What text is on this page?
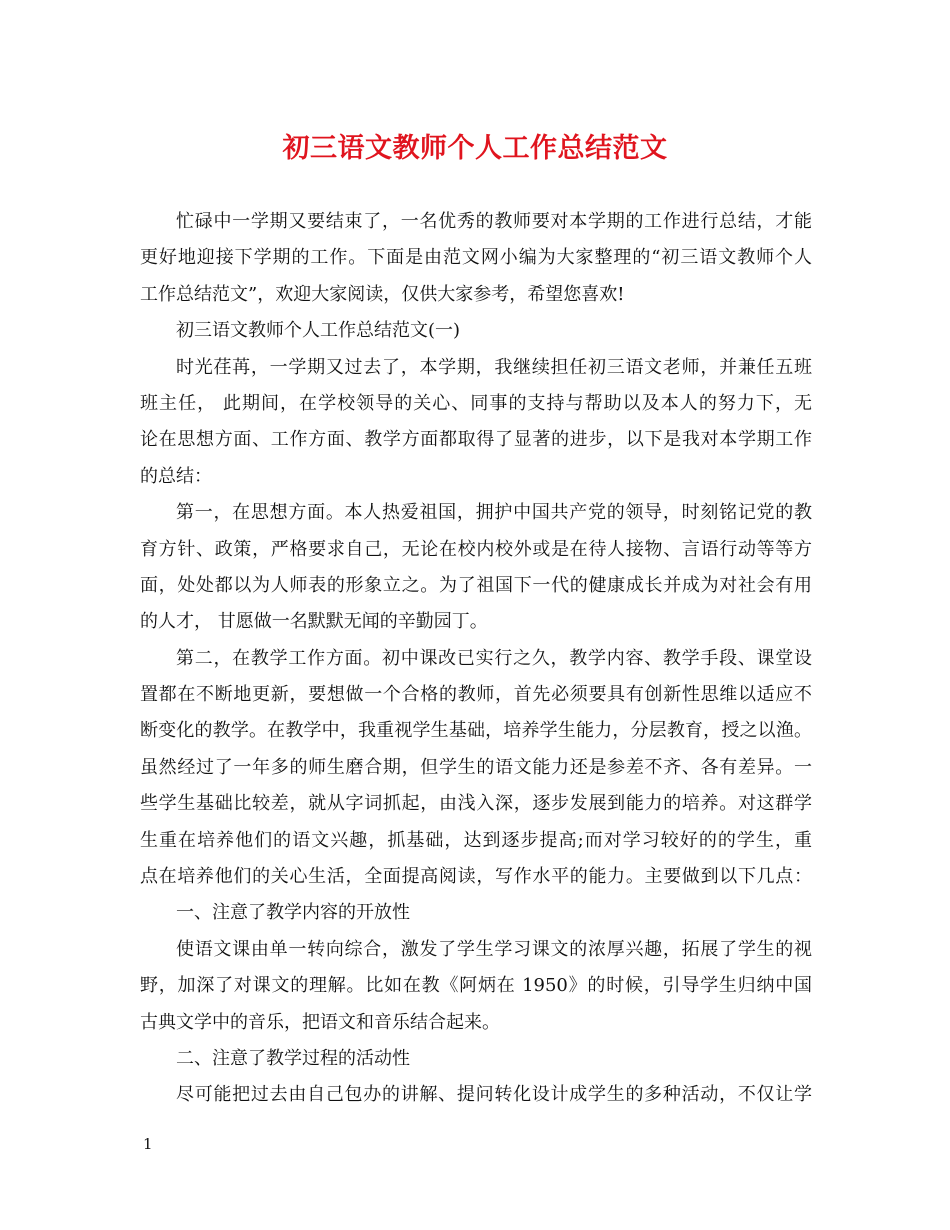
初三语文教师个人工作总结范文
忙碌中一学期又要结束了，一名优秀的教师要对本学期的工作进行总结，才能
更好地迎接下学期的工作。下面是由范文网小编为大家整理的“初三语文教师个人
工作总结范文”，欢迎大家阅读，仅供大家参考，希望您喜欢!
初三语文教师个人工作总结范文(一)
时光荏苒，一学期又过去了，本学期，我继续担任初三语文老师，并兼任五班
班主任， 此期间，在学校领导的关心、同事的支持与帮助以及本人的努力下，无
论在思想方面、工作方面、教学方面都取得了显著的进步，以下是我对本学期工作
的总结：
第一，在思想方面。本人热爱祖国，拥护中国共产党的领导，时刻铭记党的教
育方针、政策，严格要求自己，无论在校内校外或是在待人接物、言语行动等等方
面，处处都以为人师表的形象立之。为了祖国下一代的健康成长并成为对社会有用
的人才， 甘愿做一名默默无闻的辛勤园丁。
第二，在教学工作方面。初中课改已实行之久，教学内容、教学手段、课堂设
置都在不断地更新，要想做一个合格的教师，首先必须要具有创新性思维以适应不
断变化的教学。在教学中，我重视学生基础，培养学生能力，分层教育，授之以渔。
虽然经过了一年多的师生磨合期，但学生的语文能力还是参差不齐、各有差异。一
些学生基础比较差，就从字词抓起，由浅入深，逐步发展到能力的培养。对这群学
生重在培养他们的语文兴趣，抓基础，达到逐步提高;而对学习较好的的学生，重
点在培养他们的关心生活，全面提高阅读，写作水平的能力。主要做到以下几点：
一、注意了教学内容的开放性
使语文课由单一转向综合，激发了学生学习课文的浓厚兴趣，拓展了学生的视
野，加深了对课文的理解。比如在教《阿炳在 1950》的时候，引导学生归纳中国
古典文学中的音乐，把语文和音乐结合起来。
二、注意了教学过程的活动性
尽可能把过去由自己包办的讲解、提问转化设计成学生的多种活动，不仅让学
1
